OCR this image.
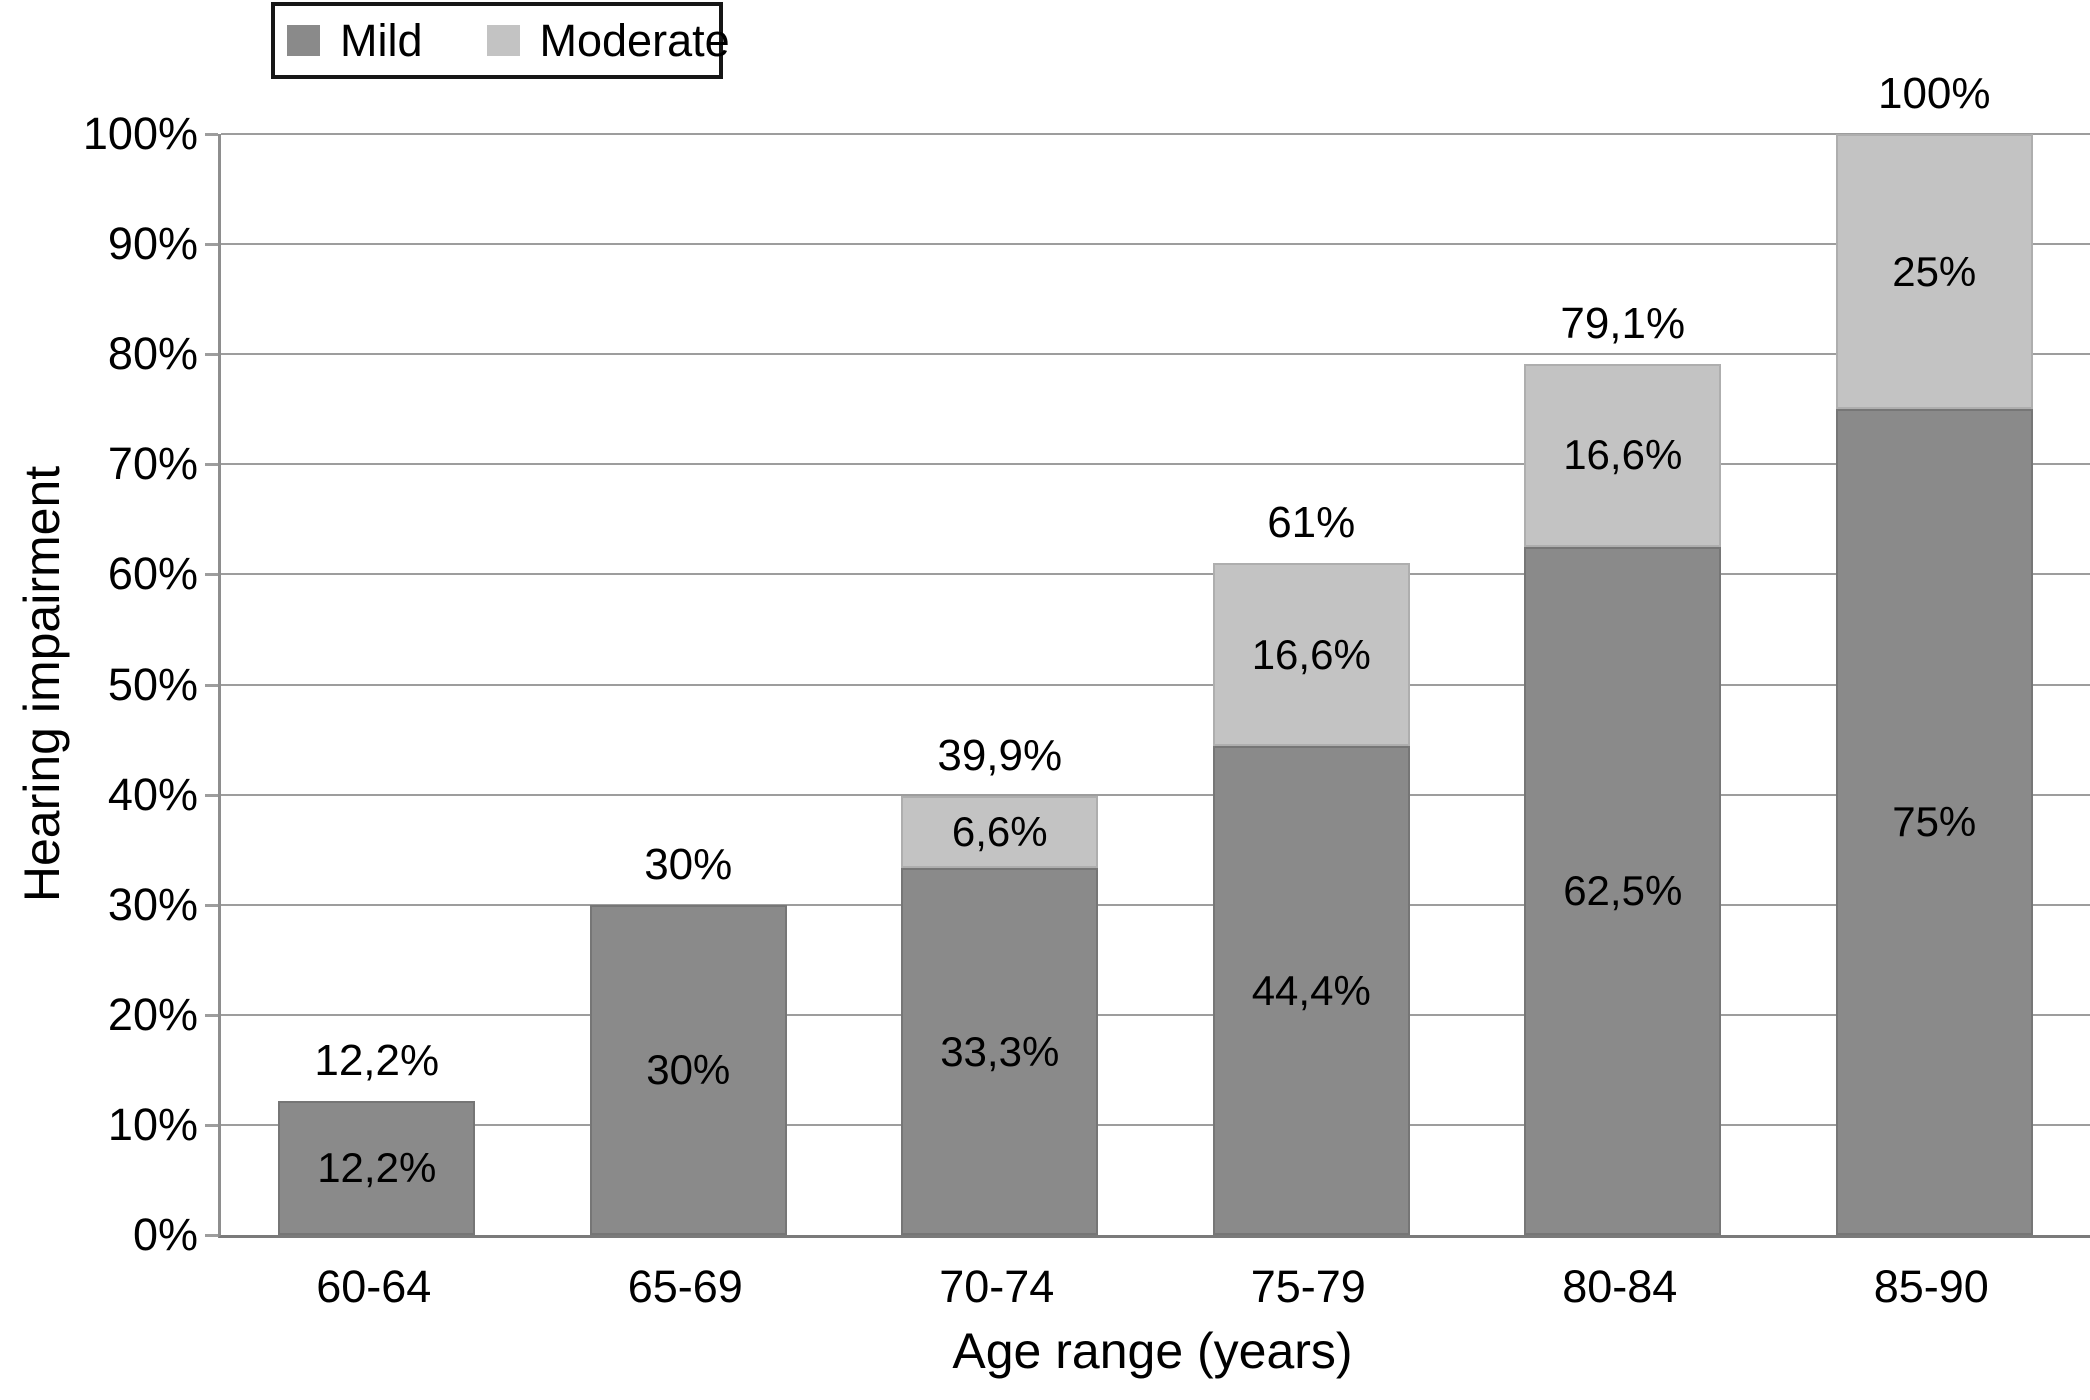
Mild	Moderate
Hearing impairment
12,2%
12,2%	30%
30%
33,3%
6,6%
39,9%
44,4%
16,6%
61%
62,5%
16,6%
79,1%
75%
25%
100%
Age range (years)
0%
10%
20%
30%
40%
50%
60%
70%
80%
90%
100%
60-64	65-69	70-74	75-79	80-84	85-90
